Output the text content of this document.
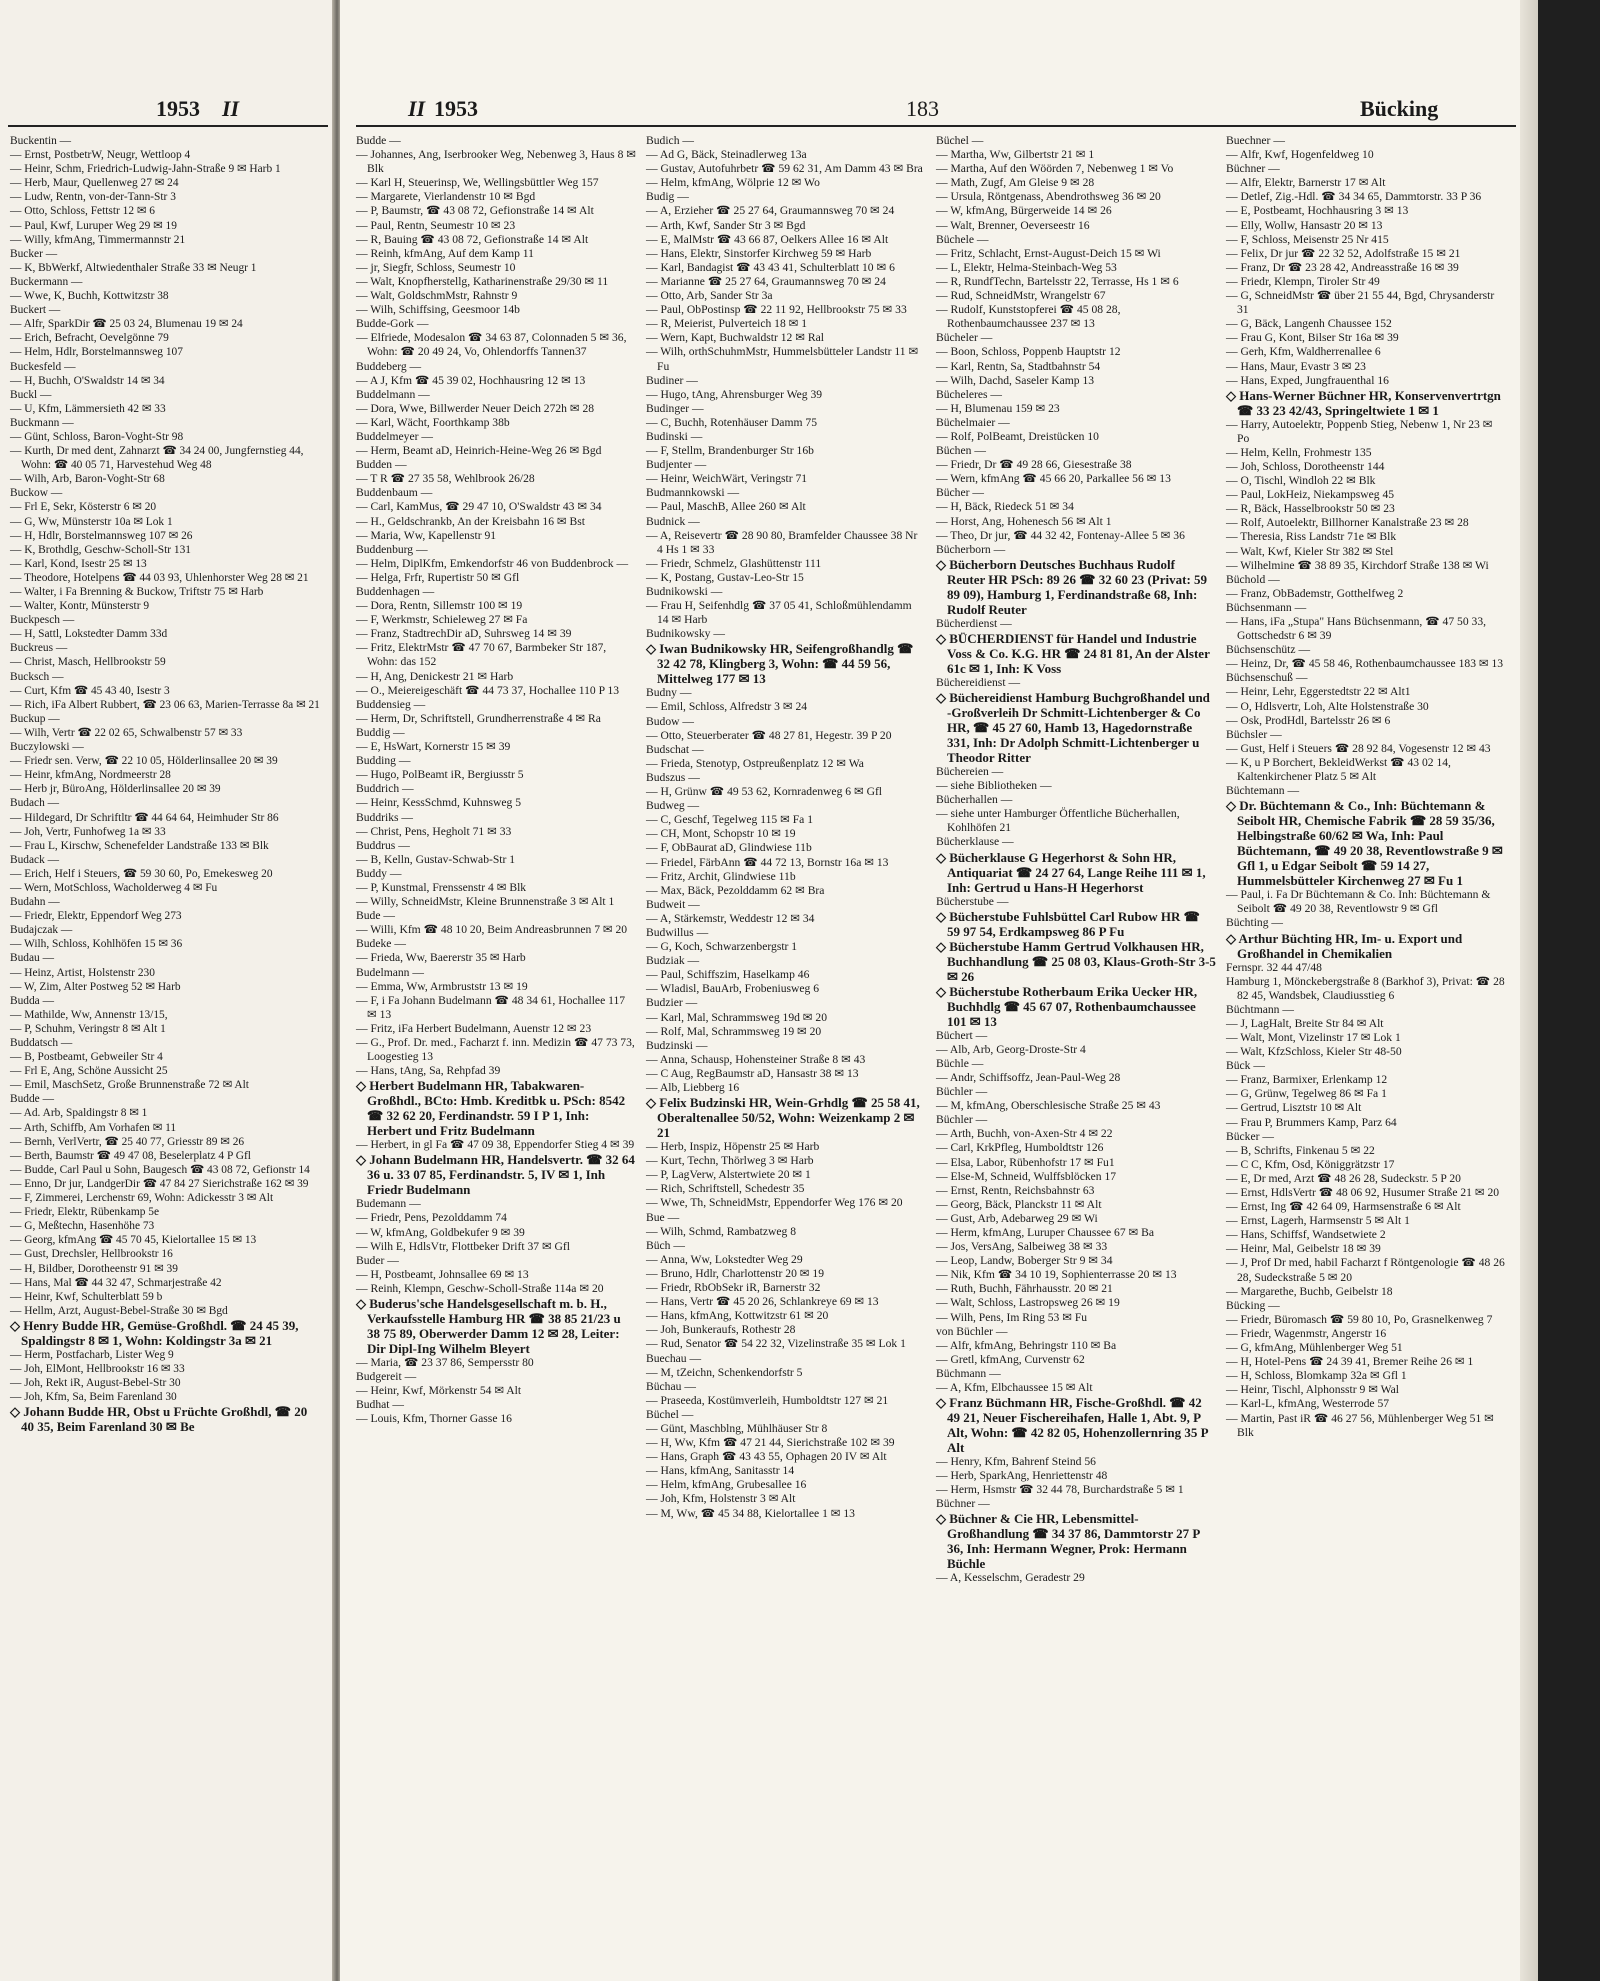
1953 II

Buckentin —

— Ernst, PostbetrW, Neugr, Wettloop 4

— Heinr, Schm, Friedrich-Ludwig-Jahn-Straße 9 ✉ Harb 1

— Herb, Maur, Quellenweg 27 ✉ 24

— Ludw, Rentn, von-der-Tann-Str 3

— Otto, Schloss, Fettstr 12 ✉ 6

— Paul, Kwf, Luruper Weg 29 ✉ 19

— Willy, kfmAng, Timmermannstr 21

Bucker —

— K, BbWerkf, Altwiedenthaler Straße 33 ✉ Neugr 1

Buckermann —

— Wwe, K, Buchh, Kottwitzstr 38

Buckert —

— Alfr, SparkDir ☎ 25 03 24, Blumenau 19 ✉ 24

— Erich, Befracht, Oevelgönne 79

— Helm, Hdlr, Borstelmannsweg 107

Buckesfeld —

— H, Buchh, O'Swaldstr 14 ✉ 34

Buckl —

— U, Kfm, Lämmersieth 42 ✉ 33

Buckmann —

— Günt, Schloss, Baron-Voght-Str 98

— Kurth, Dr med dent, Zahnarzt ☎ 34 24 00, Jungfernstieg 44, Wohn: ☎ 40 05 71, Harvestehud Weg 48

— Wilh, Arb, Baron-Voght-Str 68

Buckow —

— Frl E, Sekr, Kösterstr 6 ✉ 20

— G, Ww, Münsterstr 10a ✉ Lok 1

— H, Hdlr, Borstelmannsweg 107 ✉ 26

— K, Brothdlg, Geschw-Scholl-Str 131

— Karl, Kond, Isestr 25 ✉ 13

— Theodore, Hotelpens ☎ 44 03 93, Uhlenhorster Weg 28 ✉ 21

— Walter, i Fa Brenning & Buckow, Triftstr 75 ✉ Harb

— Walter, Kontr, Münsterstr 9

Buckpesch —

— H, Sattl, Lokstedter Damm 33d

Buckreus —

— Christ, Masch, Hellbrookstr 59

Bucksch —

— Curt, Kfm ☎ 45 43 40, Isestr 3

— Rich, iFa Albert Rubbert, ☎ 23 06 63, Marien-Terrasse 8a ✉ 21

Buckup —

— Wilh, Vertr ☎ 22 02 65, Schwalbenstr 57 ✉ 33

Buczylowski —

— Friedr sen. Verw, ☎ 22 10 05, Hölderlinsallee 20 ✉ 39

— Heinr, kfmAng, Nordmeerstr 28

— Herb jr, BüroAng, Hölderlinsallee 20 ✉ 39

Budach —

— Hildegard, Dr Schriftltr ☎ 44 64 64, Heimhuder Str 86

— Joh, Vertr, Funhofweg 1a ✉ 33

— Frau L, Kirschw, Schenefelder Landstraße 133 ✉ Blk

Budack —

— Erich, Helf i Steuers, ☎ 59 30 60, Po, Emekesweg 20

— Wern, MotSchloss, Wacholderweg 4 ✉ Fu

Budahn —

— Friedr, Elektr, Eppendorf Weg 273

Budajczak —

— Wilh, Schloss, Kohlhöfen 15 ✉ 36

Budau —

— Heinz, Artist, Holstenstr 230

— W, Zim, Alter Postweg 52 ✉ Harb

Budda —

— Mathilde, Ww, Annenstr 13/15,

— P, Schuhm, Veringstr 8 ✉ Alt 1

Buddatsch —

— B, Postbeamt, Gebweiler Str 4

— Frl E, Ang, Schöne Aussicht 25

— Emil, MaschSetz, Große Brunnenstraße 72 ✉ Alt

Budde —

— Ad. Arb, Spaldingstr 8 ✉ 1

— Arth, Schiffb, Am Vorhafen ✉ 11

— Bernh, VerlVertr, ☎ 25 40 77, Griesstr 89 ✉ 26

— Berth, Baumstr ☎ 49 47 08, Beselerplatz 4 P Gfl

— Budde, Carl Paul u Sohn, Baugesch ☎ 43 08 72, Gefionstr 14

— Enno, Dr jur, LandgerDir ☎ 47 84 27 Sierichstraße 162 ✉ 39

— F, Zimmerei, Lerchenstr 69, Wohn: Adickesstr 3 ✉ Alt

— Friedr, Elektr, Rübenkamp 5e

— G, Meßtechn, Hasenhöhe 73

— Georg, kfmAng ☎ 45 70 45, Kielortallee 15 ✉ 13

— Gust, Drechsler, Hellbrookstr 16

— H, Bildber, Dorotheenstr 91 ✉ 39

— Hans, Mal ☎ 44 32 47, Schmarjestraße 42

— Heinr, Kwf, Schulterblatt 59 b

— Hellm, Arzt, August-Bebel-Straße 30 ✉ Bgd

◇ Henry Budde HR, Gemüse-Großhdl. ☎ 24 45 39, Spaldingstr 8 ✉ 1, Wohn: Koldingstr 3a ✉ 21

— Herm, Postfacharb, Lister Weg 9

— Joh, ElMont, Hellbrookstr 16 ✉ 33

— Joh, Rekt iR, August-Bebel-Str 30

— Joh, Kfm, Sa, Beim Farenland 30

◇ Johann Budde HR, Obst u Früchte Großhdl, ☎ 20 40 35, Beim Farenland 30 ✉ Be

II 1953	183	Bücking

Budde —

— Johannes, Ang, Iserbrooker Weg, Nebenweg 3, Haus 8 ✉ Blk

— Karl H, Steuerinsp, We, Wellingsbüttler Weg 157

— Margarete, Vierlandenstr 10 ✉ Bgd

— P, Baumstr, ☎ 43 08 72, Gefionstraße 14 ✉ Alt

— Paul, Rentn, Seumestr 10 ✉ 23

— R, Bauing ☎ 43 08 72, Gefionstraße 14 ✉ Alt

— Reinh, kfmAng, Auf dem Kamp 11

— jr, Siegfr, Schloss, Seumestr 10

— Walt, Knopfherstellg, Katharinenstraße 29/30 ✉ 11

— Walt, GoldschmMstr, Rahnstr 9

— Wilh, Schiffsing, Geesmoor 14b

Budde-Gork —

— Elfriede, Modesalon ☎ 34 63 87, Colonnaden 5 ✉ 36, Wohn: ☎ 20 49 24, Vo, Ohlendorffs Tannen37

Buddeberg —

— A J, Kfm ☎ 45 39 02, Hochhausring 12 ✉ 13

Buddelmann —

— Dora, Wwe, Billwerder Neuer Deich 272h ✉ 28

— Karl, Wächt, Foorthkamp 38b

Buddelmeyer —

— Herm, Beamt aD, Heinrich-Heine-Weg 26 ✉ Bgd

Budden —

— T R ☎ 27 35 58, Wehlbrook 26/28

Buddenbaum —

— Carl, KamMus, ☎ 29 47 10, O'Swaldstr 43 ✉ 34

— H., Geldschrankb, An der Kreisbahn 16 ✉ Bst

— Maria, Ww, Kapellenstr 91

Buddenburg —

— Helm, DiplKfm, Emkendorfstr 46 von Buddenbrock —

— Helga, Frfr, Rupertistr 50 ✉ Gfl

Buddenhagen —

— Dora, Rentn, Sillemstr 100 ✉ 19

— F, Werkmstr, Schieleweg 27 ✉ Fa

— Franz, StadtrechDir aD, Suhrsweg 14 ✉ 39

— Fritz, ElektrMstr ☎ 47 70 67, Barmbeker Str 187, Wohn: das 152

— H, Ang, Denickestr 21 ✉ Harb

— O., Meiereigeschäft ☎ 44 73 37, Hochallee 110 P 13

Buddensieg —

— Herm, Dr, Schriftstell, Grundherrenstraße 4 ✉ Ra

Buddig —

— E, HsWart, Kornerstr 15 ✉ 39

Budding —

— Hugo, PolBeamt iR, Bergiusstr 5

Buddrich —

— Heinr, KessSchmd, Kuhnsweg 5

Buddriks —

— Christ, Pens, Hegholt 71 ✉ 33

Buddrus —

— B, Kelln, Gustav-Schwab-Str 1

Buddy —

— P, Kunstmal, Frenssenstr 4 ✉ Blk

— Willy, SchneidMstr, Kleine Brunnenstraße 3 ✉ Alt 1

Bude —

— Willi, Kfm ☎ 48 10 20, Beim Andreasbrunnen 7 ✉ 20

Budeke —

— Frieda, Ww, Baererstr 35 ✉ Harb

Budelmann —

— Emma, Ww, Armbruststr 13 ✉ 19

— F, i Fa Johann Budelmann ☎ 48 34 61, Hochallee 117 ✉ 13

— Fritz, iFa Herbert Budelmann, Auenstr 12 ✉ 23

— G., Prof. Dr. med., Facharzt f. inn. Medizin ☎ 47 73 73, Loogestieg 13

— Hans, tAng, Sa, Rehpfad 39

◇ Herbert Budelmann HR, Tabakwaren-Großhdl., BCto: Hmb. Kreditbk u. PSch: 8542 ☎ 32 62 20, Ferdinandstr. 59 I P 1, Inh: Herbert und Fritz Budelmann

— Herbert, in gl Fa ☎ 47 09 38, Eppendorfer Stieg 4 ✉ 39

◇ Johann Budelmann HR, Handelsvertr. ☎ 32 64 36 u. 33 07 85, Ferdinandstr. 5, IV ✉ 1, Inh Friedr Budelmann

Budemann —

— Friedr, Pens, Pezolddamm 74

— W, kfmAng, Goldbekufer 9 ✉ 39

— Wilh E, HdlsVtr, Flottbeker Drift 37 ✉ Gfl

Buder —

— H, Postbeamt, Johnsallee 69 ✉ 13

— Reinh, Klempn, Geschw-Scholl-Straße 114a ✉ 20

◇ Buderus'sche Handelsgesellschaft m. b. H., Verkaufsstelle Hamburg HR ☎ 38 85 21/23 u 38 75 89, Oberwerder Damm 12 ✉ 28, Leiter: Dir Dipl-Ing Wilhelm Bleyert

— Maria, ☎ 23 37 86, Sempersstr 80

Budgereit —

— Heinr, Kwf, Mörkenstr 54 ✉ Alt

Budhat —

— Louis, Kfm, Thorner Gasse 16

Budich —

— Ad G, Bäck, Steinadlerweg 13a

— Gustav, Autofuhrbetr ☎ 59 62 31, Am Damm 43 ✉ Bra

— Helm, kfmAng, Wölprie 12 ✉ Wo

Budig —

— A, Erzieher ☎ 25 27 64, Graumannsweg 70 ✉ 24

— Arth, Kwf, Sander Str 3 ✉ Bgd

— E, MalMstr ☎ 43 66 87, Oelkers Allee 16 ✉ Alt

— Hans, Elektr, Sinstorfer Kirchweg 59 ✉ Harb

— Karl, Bandagist ☎ 43 43 41, Schulterblatt 10 ✉ 6

— Marianne ☎ 25 27 64, Graumannsweg 70 ✉ 24

— Otto, Arb, Sander Str 3a

— Paul, ObPostinsp ☎ 22 11 92, Hellbrookstr 75 ✉ 33

— R, Meierist, Pulverteich 18 ✉ 1

— Wern, Kapt, Buchwaldstr 12 ✉ Ral

— Wilh, orthSchuhmMstr, Hummelsbütteler Landstr 11 ✉ Fu

Budiner —

— Hugo, tAng, Ahrensburger Weg 39

Budinger —

— C, Buchh, Rotenhäuser Damm 75

Budinski —

— F, Stellm, Brandenburger Str 16b

Budjenter —

— Heinr, WeichWärt, Veringstr 71

Budmannkowski —

— Paul, MaschB, Allee 260 ✉ Alt

Budnick —

— A, Reisevertr ☎ 28 90 80, Bramfelder Chaussee 38 Nr 4 Hs 1 ✉ 33

— Friedr, Schmelz, Glashüttenstr 111

— K, Postang, Gustav-Leo-Str 15

Budnikowski —

— Frau H, Seifenhdlg ☎ 37 05 41, Schloßmühlendamm 14 ✉ Harb

Budnikowsky —

◇ Iwan Budnikowsky HR, Seifengroßhandlg ☎ 32 42 78, Klingberg 3, Wohn: ☎ 44 59 56, Mittelweg 177 ✉ 13

Budny —

— Emil, Schloss, Alfredstr 3 ✉ 24

Budow —

— Otto, Steuerberater ☎ 48 27 81, Hegestr. 39 P 20

Budschat —

— Frieda, Stenotyp, Ostpreußenplatz 12 ✉ Wa

Budszus —

— H, Grünw ☎ 49 53 62, Kornradenweg 6 ✉ Gfl

Budweg —

— C, Geschf, Tegelweg 115 ✉ Fa 1

— CH, Mont, Schopstr 10 ✉ 19

— F, ObBaurat aD, Glindwiese 11b

— Friedel, FärbAnn ☎ 44 72 13, Bornstr 16a ✉ 13

— Fritz, Archit, Glindwiese 11b

— Max, Bäck, Pezolddamm 62 ✉ Bra

Budweit —

— A, Stärkemstr, Weddestr 12 ✉ 34

Budwillus —

— G, Koch, Schwarzenbergstr 1

Budziak —

— Paul, Schiffszim, Haselkamp 46

— Wladisl, BauArb, Frobeniusweg 6

Budzier —

— Karl, Mal, Schrammsweg 19d ✉ 20

— Rolf, Mal, Schrammsweg 19 ✉ 20

Budzinski —

— Anna, Schausp, Hohensteiner Straße 8 ✉ 43

— C Aug, RegBaumstr aD, Hansastr 38 ✉ 13

— Alb, Liebberg 16

◇ Felix Budzinski HR, Wein-Grhdlg ☎ 25 58 41, Oberaltenallee 50/52, Wohn: Weizenkamp 2 ✉ 21

— Herb, Inspiz, Höpenstr 25 ✉ Harb

— Kurt, Techn, Thörlweg 3 ✉ Harb

— P, LagVerw, Alstertwiete 20 ✉ 1

— Rich, Schriftstell, Schedestr 35

— Wwe, Th, SchneidMstr, Eppendorfer Weg 176 ✉ 20

Bue —

— Wilh, Schmd, Rambatzweg 8

Büch —

— Anna, Ww, Lokstedter Weg 29

— Bruno, Hdlr, Charlottenstr 20 ✉ 19

— Friedr, RbObSekr iR, Barnerstr 32

— Hans, Vertr ☎ 45 20 26, Schlankreye 69 ✉ 13

— Hans, kfmAng, Kottwitzstr 61 ✉ 20

— Joh, Bunkeraufs, Rothestr 28

— Rud, Senator ☎ 54 22 32, Vizelinstraße 35 ✉ Lok 1

Buechau —

— M, tZeichn, Schenkendorfstr 5

Büchau —

— Praseeda, Kostümverleih, Humboldtstr 127 ✉ 21

Büchel —

— Günt, Maschblng, Mühlhäuser Str 8

— H, Ww, Kfm ☎ 47 21 44, Sierichstraße 102 ✉ 39

— Hans, Graph ☎ 43 43 55, Ophagen 20 IV ✉ Alt

— Hans, kfmAng, Sanitasstr 14

— Helm, kfmAng, Grubesallee 16

— Joh, Kfm, Holstenstr 3 ✉ Alt

— M, Ww, ☎ 45 34 88, Kielortallee 1 ✉ 13

Büchel —

— Martha, Ww, Gilbertstr 21 ✉ 1

— Martha, Auf den Wöörden 7, Nebenweg 1 ✉ Vo

— Math, Zugf, Am Gleise 9 ✉ 28

— Ursula, Röntgenass, Abendrothsweg 36 ✉ 20

— W, kfmAng, Bürgerweide 14 ✉ 26

— Walt, Brenner, Oeverseestr 16

Büchele —

— Fritz, Schlacht, Ernst-August-Deich 15 ✉ Wi

— L, Elektr, Helma-Steinbach-Weg 53

— R, RundfTechn, Bartelsstr 22, Terrasse, Hs 1 ✉ 6

— Rud, SchneidMstr, Wrangelstr 67

— Rudolf, Kunststopferei ☎ 45 08 28, Rothenbaumchaussee 237 ✉ 13

Bücheler —

— Boon, Schloss, Poppenb Hauptstr 12

— Karl, Rentn, Sa, Stadtbahnstr 54

— Wilh, Dachd, Saseler Kamp 13

Bücheleres —

— H, Blumenau 159 ✉ 23

Büchelmaier —

— Rolf, PolBeamt, Dreistücken 10

Büchen —

— Friedr, Dr ☎ 49 28 66, Giesestraße 38

— Wern, kfmAng ☎ 45 66 20, Parkallee 56 ✉ 13

Bücher —

— H, Bäck, Riedeck 51 ✉ 34

— Horst, Ang, Hohenesch 56 ✉ Alt 1

— Theo, Dr jur, ☎ 44 32 42, Fontenay-Allee 5 ✉ 36

Bücherborn —

◇ Bücherborn Deutsches Buchhaus Rudolf Reuter HR PSch: 89 26 ☎ 32 60 23 (Privat: 59 89 09), Hamburg 1, Ferdinandstraße 68, Inh: Rudolf Reuter

Bücherdienst —

◇ BÜCHERDIENST für Handel und Industrie Voss & Co. K.G. HR ☎ 24 81 81, An der Alster 61c ✉ 1, Inh: K Voss

Büchereidienst —

◇ Büchereidienst Hamburg Buchgroßhandel und -Großverleih Dr Schmitt-Lichtenberger & Co HR, ☎ 45 27 60, Hamb 13, Hagedornstraße 331, Inh: Dr Adolph Schmitt-Lichtenberger u Theodor Ritter

Büchereien —

— siehe Bibliotheken —

Bücherhallen —

— siehe unter Hamburger Öffentliche Bücherhallen, Kohlhöfen 21

Bücherklause —

◇ Bücherklause G Hegerhorst & Sohn HR, Antiquariat ☎ 24 27 64, Lange Reihe 111 ✉ 1, Inh: Gertrud u Hans-H Hegerhorst

Bücherstube —

◇ Bücherstube Fuhlsbüttel Carl Rubow HR ☎ 59 97 54, Erdkampsweg 86 P Fu

◇ Bücherstube Hamm Gertrud Volkhausen HR, Buchhandlung ☎ 25 08 03, Klaus-Groth-Str 3-5 ✉ 26

◇ Bücherstube Rotherbaum Erika Uecker HR, Buchhdlg ☎ 45 67 07, Rothenbaumchaussee 101 ✉ 13

Büchert —

— Alb, Arb, Georg-Droste-Str 4

Büchle —

— Andr, Schiffsoffz, Jean-Paul-Weg 28

Büchler —

— M, kfmAng, Oberschlesische Straße 25 ✉ 43

Büchler —

— Arth, Buchh, von-Axen-Str 4 ✉ 22

— Carl, KrkPfleg, Humboldtstr 126

— Elsa, Labor, Rübenhofstr 17 ✉ Fu1

— Else-M, Schneid, Wulffsblöcken 17

— Ernst, Rentn, Reichsbahnstr 63

— Georg, Bäck, Planckstr 11 ✉ Alt

— Gust, Arb, Adebarweg 29 ✉ Wi

— Herm, kfmAng, Luruper Chaussee 67 ✉ Ba

— Jos, VersAng, Salbeiweg 38 ✉ 33

— Leop, Landw, Boberger Str 9 ✉ 34

— Nik, Kfm ☎ 34 10 19, Sophienterrasse 20 ✉ 13

— Ruth, Buchh, Fährhausstr. 20 ✉ 21

— Walt, Schloss, Lastropsweg 26 ✉ 19

— Wilh, Pens, Im Ring 53 ✉ Fu

von Büchler —

— Alfr, kfmAng, Behringstr 110 ✉ Ba

— Gretl, kfmAng, Curvenstr 62

Büchmann —

— A, Kfm, Elbchaussee 15 ✉ Alt

◇ Franz Büchmann HR, Fische-Großhdl. ☎ 42 49 21, Neuer Fischereihafen, Halle 1, Abt. 9, P Alt, Wohn: ☎ 42 82 05, Hohenzollernring 35 P Alt

— Henry, Kfm, Bahrenf Steind 56

— Herb, SparkAng, Henriettenstr 48

— Herm, Hsmstr ☎ 32 44 78, Burchardstraße 5 ✉ 1

Büchner —

◇ Büchner & Cie HR, Lebensmittel-Großhandlung ☎ 34 37 86, Dammtorstr 27 P 36, Inh: Hermann Wegner, Prok: Hermann Büchle

— A, Kesselschm, Geradestr 29

Buechner —

— Alfr, Kwf, Hogenfeldweg 10

Büchner —

— Alfr, Elektr, Barnerstr 17 ✉ Alt

— Detlef, Zig.-Hdl. ☎ 34 34 65, Dammtorstr. 33 P 36

— E, Postbeamt, Hochhausring 3 ✉ 13

— Elly, Wollw, Hansastr 20 ✉ 13

— F, Schloss, Meisenstr 25 Nr 415

— Felix, Dr jur ☎ 22 32 52, Adolfstraße 15 ✉ 21

— Franz, Dr ☎ 23 28 42, Andreasstraße 16 ✉ 39

— Friedr, Klempn, Tiroler Str 49

— G, SchneidMstr ☎ über 21 55 44, Bgd, Chrysanderstr 31

— G, Bäck, Langenh Chaussee 152

— Frau G, Kont, Bilser Str 16a ✉ 39

— Gerh, Kfm, Waldherrenallee 6

— Hans, Maur, Evastr 3 ✉ 23

— Hans, Exped, Jungfrauenthal 16

◇ Hans-Werner Büchner HR, Konservenvertrtgn ☎ 33 23 42/43, Springeltwiete 1 ✉ 1

— Harry, Autoelektr, Poppenb Stieg, Nebenw 1, Nr 23 ✉ Po

— Helm, Kelln, Frohmestr 135

— Joh, Schloss, Dorotheenstr 144

— O, Tischl, Windloh 22 ✉ Blk

— Paul, LokHeiz, Niekampsweg 45

— R, Bäck, Hasselbrookstr 50 ✉ 23

— Rolf, Autoelektr, Billhorner Kanalstraße 23 ✉ 28

— Theresia, Riss Landstr 71e ✉ Blk

— Walt, Kwf, Kieler Str 382 ✉ Stel

— Wilhelmine ☎ 38 89 35, Kirchdorf Straße 138 ✉ Wi

Büchold —

— Franz, ObBademstr, Gotthelfweg 2

Büchsenmann —

— Hans, iFa „Stupa" Hans Büchsenmann, ☎ 47 50 33, Gottschedstr 6 ✉ 39

Büchsenschütz —

— Heinz, Dr, ☎ 45 58 46, Rothenbaumchaussee 183 ✉ 13

Büchsenschuß —

— Heinr, Lehr, Eggerstedtstr 22 ✉ Alt1

— O, Hdlsvertr, Loh, Alte Holstenstraße 30

— Osk, ProdHdl, Bartelsstr 26 ✉ 6

Büchsler —

— Gust, Helf i Steuers ☎ 28 92 84, Vogesenstr 12 ✉ 43

— K, u P Borchert, BekleidWerkst ☎ 43 02 14, Kaltenkirchener Platz 5 ✉ Alt

Büchtemann —

◇ Dr. Büchtemann & Co., Inh: Büchtemann & Seibolt HR, Chemische Fabrik ☎ 28 59 35/36, Helbingstraße 60/62 ✉ Wa, Inh: Paul Büchtemann, ☎ 49 20 38, Reventlowstraße 9 ✉ Gfl 1, u Edgar Seibolt ☎ 59 14 27, Hummelsbütteler Kirchenweg 27 ✉ Fu 1

— Paul, i. Fa Dr Büchtemann & Co. Inh: Büchtemann & Seibolt ☎ 49 20 38, Reventlowstr 9 ✉ Gfl

Büchting —

◇ Arthur Büchting HR, Im- u. Export und Großhandel in Chemikalien

Fernspr. 32 44 47/48

Hamburg 1, Mönckebergstraße 8 (Barkhof 3), Privat: ☎ 28 82 45, Wandsbek, Claudiusstieg 6

Büchtmann —

— J, LagHalt, Breite Str 84 ✉ Alt

— Walt, Mont, Vizelinstr 17 ✉ Lok 1

— Walt, KfzSchloss, Kieler Str 48-50

Bück —

— Franz, Barmixer, Erlenkamp 12

— G, Grünw, Tegelweg 86 ✉ Fa 1

— Gertrud, Lisztstr 10 ✉ Alt

— Frau P, Brummers Kamp, Parz 64

Bücker —

— B, Schrifts, Finkenau 5 ✉ 22

— C C, Kfm, Osd, Königgrätzstr 17

— E, Dr med, Arzt ☎ 48 26 28, Sudeckstr. 5 P 20

— Ernst, HdlsVertr ☎ 48 06 92, Husumer Straße 21 ✉ 20

— Ernst, Ing ☎ 42 64 09, Harmsenstraße 6 ✉ Alt

— Ernst, Lagerh, Harmsenstr 5 ✉ Alt 1

— Hans, Schiffsf, Wandsetwiete 2

— Heinr, Mal, Geibelstr 18 ✉ 39

— J, Prof Dr med, habil Facharzt f Röntgenologie ☎ 48 26 28, Sudeckstraße 5 ✉ 20

— Margarethe, Buchb, Geibelstr 18

Bücking —

— Friedr, Büromasch ☎ 59 80 10, Po, Grasnelkenweg 7

— Friedr, Wagenmstr, Angerstr 16

— G, kfmAng, Mühlenberger Weg 51

— H, Hotel-Pens ☎ 24 39 41, Bremer Reihe 26 ✉ 1

— H, Schloss, Blomkamp 32a ✉ Gfl 1

— Heinr, Tischl, Alphonsstr 9 ✉ Wal

— Karl-L, kfmAng, Westerrode 57

— Martin, Past iR ☎ 46 27 56, Mühlenberger Weg 51 ✉ Blk
